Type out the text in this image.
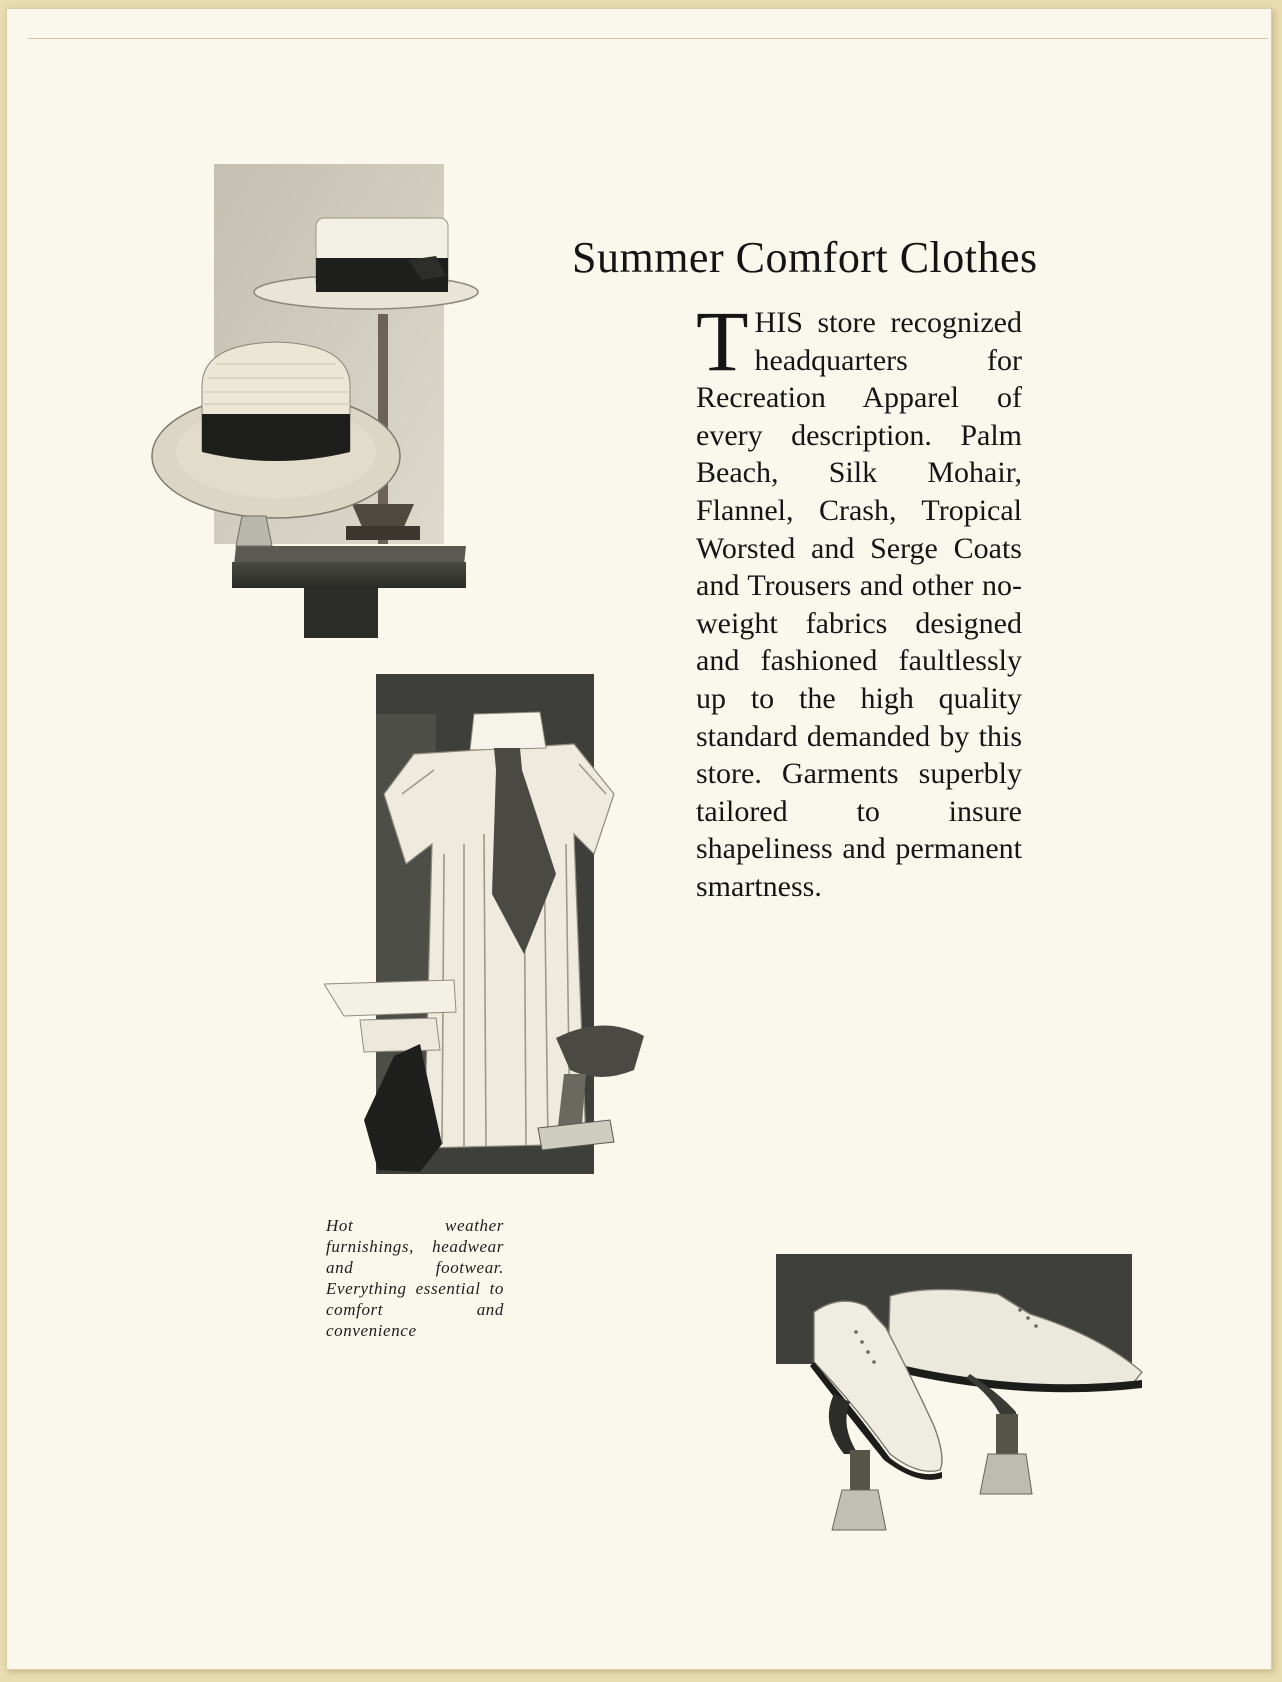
Summer Comfort Clothes
THIS store recognized headquarters for Recreation Apparel of every description. Palm Beach, Silk Mohair, Flannel, Crash, Tropical Worsted and Serge Coats and Trousers and other no-weight fabrics designed and fashioned faultlessly up to the high quality standard demanded by this store. Garments superbly tailored to insure shapeliness and permanent smartness.
Hot weather furnishings, headwear and footwear. Everything essential to comfort and convenience
